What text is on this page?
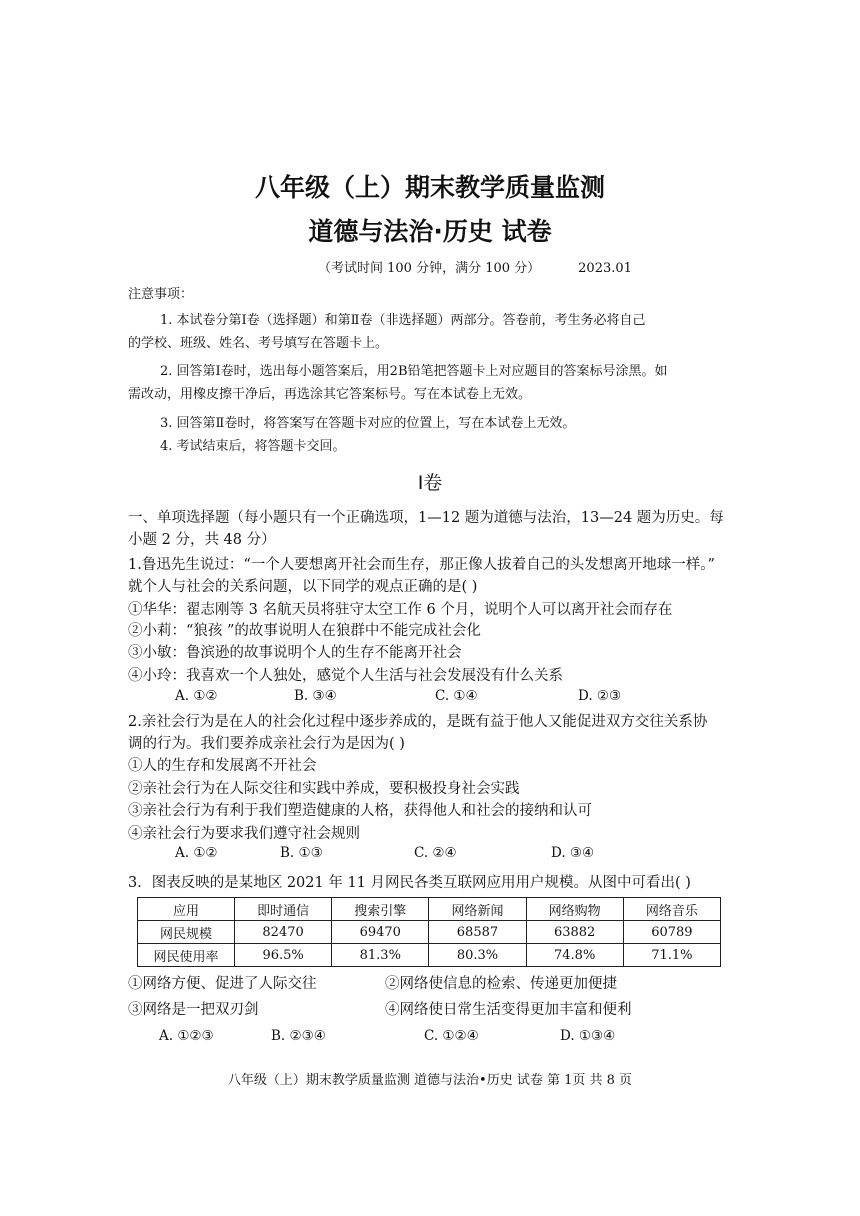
八年级（上）期末教学质量监测
道德与法治·历史 试卷
（考试时间 100 分钟，满分 100 分）	2023.01
注意事项：
1. 本试卷分第Ⅰ卷（选择题）和第Ⅱ卷（非选择题）两部分。答卷前，考生务必将自己
的学校、班级、姓名、考号填写在答题卡上。
2. 回答第Ⅰ卷时，选出每小题答案后，用2B铅笔把答题卡上对应题目的答案标号涂黑。如
需改动，用橡皮擦干净后，再选涂其它答案标号。写在本试卷上无效。
3. 回答第Ⅱ卷时，将答案写在答题卡对应的位置上，写在本试卷上无效。
4. 考试结束后，将答题卡交回。
Ⅰ卷
一、单项选择题（每小题只有一个正确选项，1—12 题为道德与法治，13—24 题为历史。每
小题 2 分，共 48 分）
1.鲁迅先生说过：“一个人要想离开社会而生存，那正像人拔着自己的头发想离开地球一样。”
就个人与社会的关系问题，以下同学的观点正确的是( )
①华华：翟志刚等 3 名航天员将驻守太空工作 6 个月，说明个人可以离开社会而存在
②小莉：“狼孩 ”的故事说明人在狼群中不能完成社会化
③小敏：鲁滨逊的故事说明个人的生存不能离开社会
④小玲：我喜欢一个人独处，感觉个人生活与社会发展没有什么关系
A. ①②	B. ③④	C. ①④	D. ②③
2.亲社会行为是在人的社会化过程中逐步养成的，是既有益于他人又能促进双方交往关系协
调的行为。我们要养成亲社会行为是因为( )
①人的生存和发展离不开社会
②亲社会行为在人际交往和实践中养成，要积极投身社会实践
③亲社会行为有利于我们塑造健康的人格，获得他人和社会的接纳和认可
④亲社会行为要求我们遵守社会规则
A. ①②	B. ①③	C. ②④	D. ③④
3．图表反映的是某地区 2021 年 11 月网民各类互联网应用用户规模。从图中可看出( )
应用	即时通信	搜索引擎	网络新闻	网络购物	网络音乐
网民规模	82470	69470	68587	63882	60789
网民使用率	96.5%	81.3%	80.3%	74.8%	71.1%
①网络方便、促进了人际交往	②网络使信息的检索、传递更加便捷
③网络是一把双刃剑	④网络使日常生活变得更加丰富和便利
A. ①②③	B. ②③④	C. ①②④	D. ①③④
八年级（上）期末教学质量监测 道德与法治•历史 试卷 第 1页 共 8 页
